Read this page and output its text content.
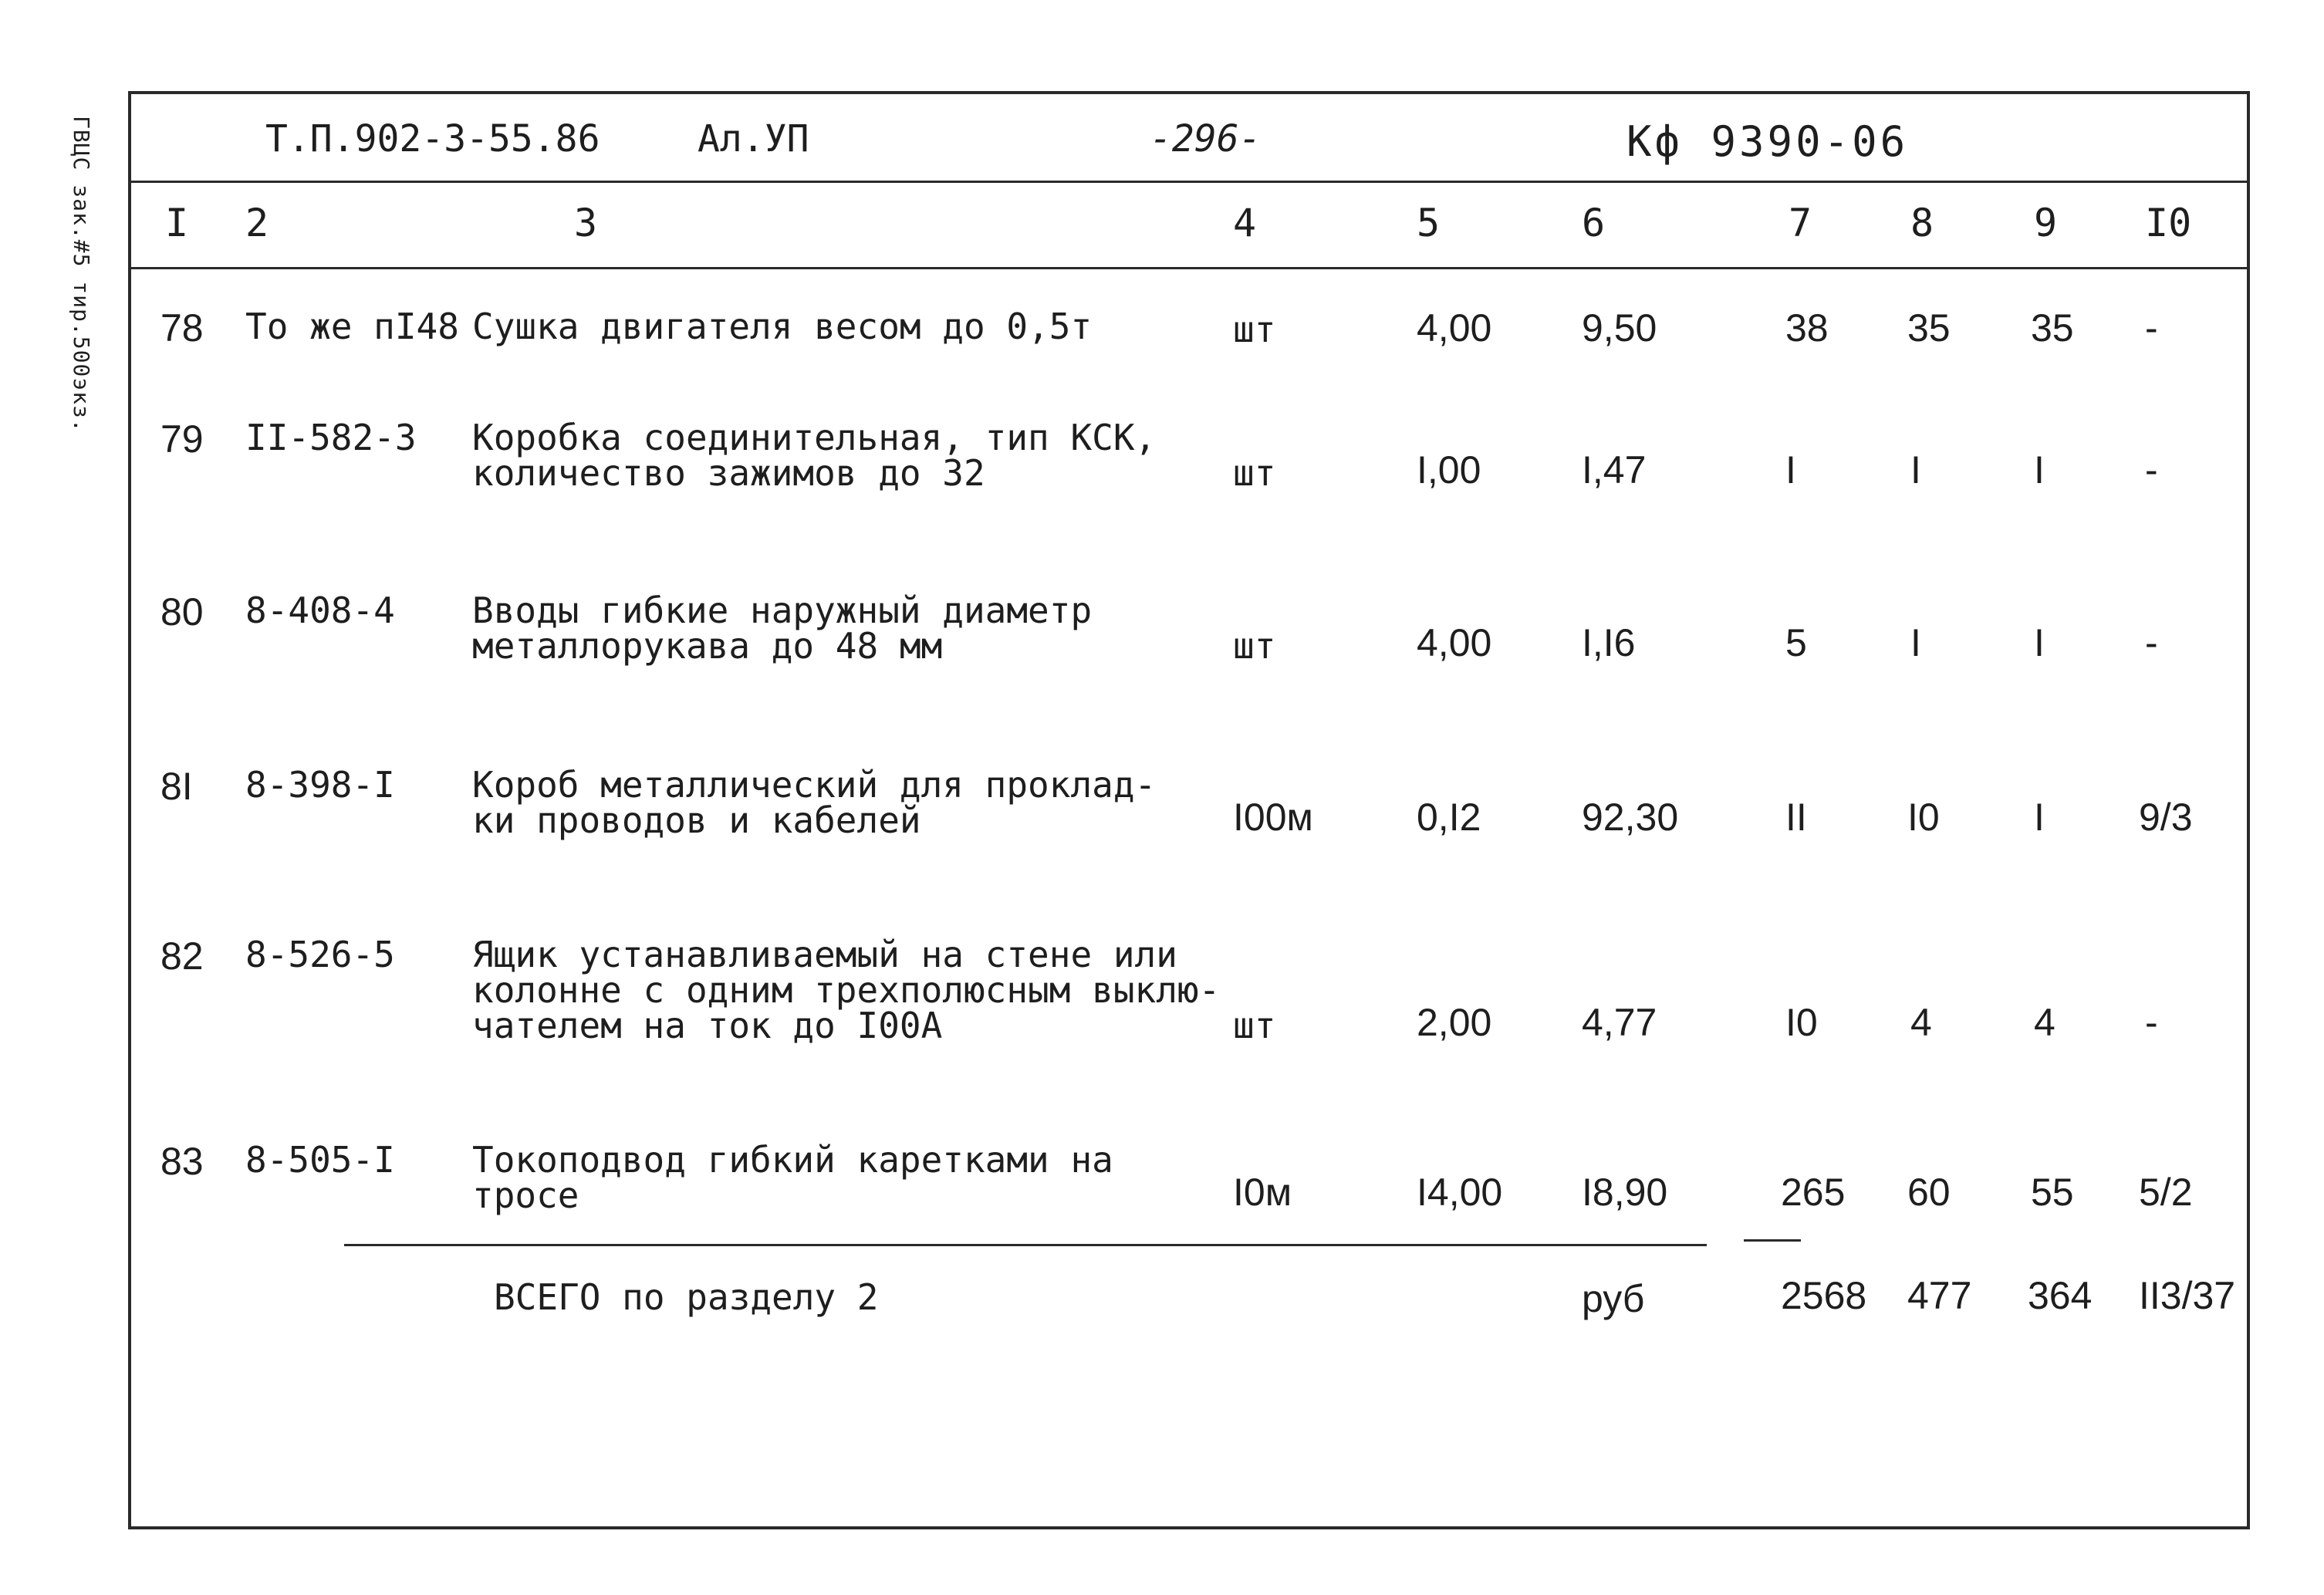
ГВЦС зак.#5 тир.500экз.	Т.П.902-3-55.86	Ал.УП	-296-	Кф 9390-06
I 2	3	4	5	6	7	8	9 I0
78 То же пI48 Сушка двигателя весом до 0,5т	шт	4,00 9,50	38 35 35 -
79 II-582-3 Коробка соединительная, тип КСК,
количество зажимов до 32	шт	I,00	I,47	I	I	I	-
80 8-408-4 Вводы гибкие наружный диаметр
металлорукава до 48 мм	шт	4,00 I,I6	5	I	I	-
8I 8-398-I Короб металлический для проклад-
ки проводов и кабелей	I00м	0,I2	92,30	II	I0 I 9/3
82 8-526-5 Ящик устанавливаемый на стене или
колонне с одним трехполюсным выклю-
чателем на ток до I00А	шт	2,00 4,77	I0 4	4 -
83 8-505-I Токоподвод гибкий каретками на
тросе	I0м	I4,00 I8,90	265 60 55 5/2
ВСЕГО по разделу 2	руб	2568 477 364 II3/37
